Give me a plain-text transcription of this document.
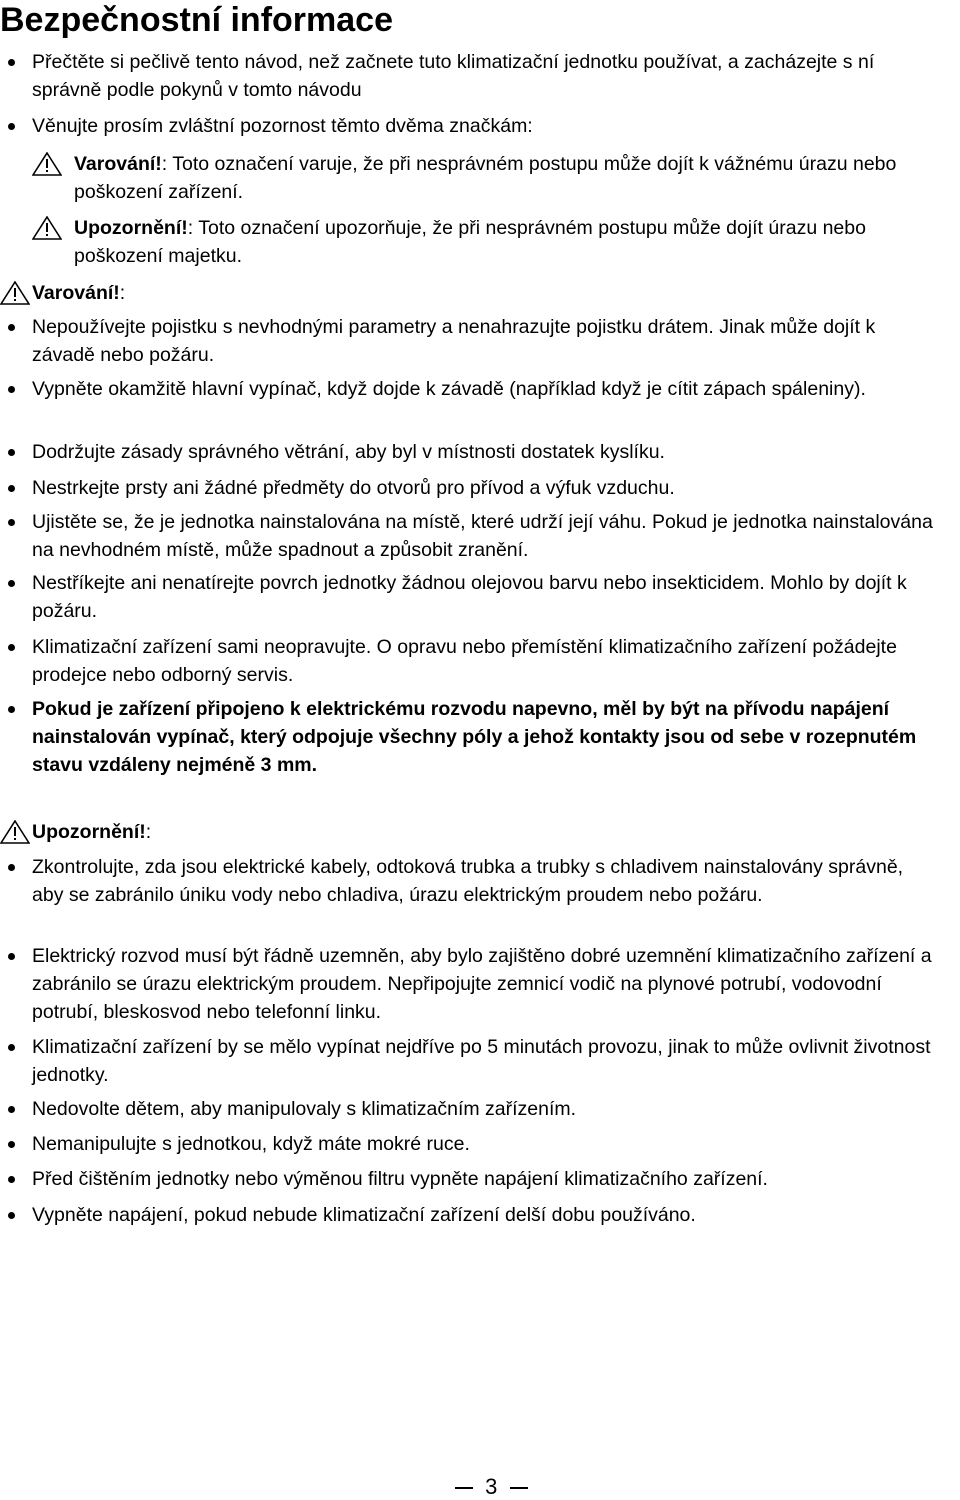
Bezpečnostní informace
Přečtěte si pečlivě tento návod, než začnete tuto klimatizační jednotku používat, a zacházejte s ní správně podle pokynů v tomto návodu
Věnujte prosím zvláštní pozornost těmto dvěma značkám:
Varování!: Toto označení varuje, že při nesprávném postupu může dojít k vážnému úrazu nebo poškození zařízení.
Upozornění!: Toto označení upozorňuje, že při nesprávném postupu může dojít úrazu nebo poškození majetku.
Varování!:
Nepoužívejte pojistku s nevhodnými parametry a nenahrazujte pojistku drátem. Jinak může dojít k závadě nebo požáru.
Vypněte okamžitě hlavní vypínač, když dojde k závadě (například když je cítit zápach spáleniny).
Dodržujte zásady správného větrání, aby byl v místnosti dostatek kyslíku.
Nestrkejte prsty ani žádné předměty do otvorů pro přívod a výfuk vzduchu.
Ujistěte se, že je jednotka nainstalována na místě, které udrží její váhu. Pokud je jednotka nainstalována na nevhodném místě, může spadnout a způsobit zranění.
Nestříkejte ani nenatírejte povrch jednotky žádnou olejovou barvu nebo insekticidem. Mohlo by dojít k požáru.
Klimatizační zařízení sami neopravujte. O opravu nebo přemístění klimatizačního zařízení požádejte prodejce nebo odborný servis.
Pokud je zařízení připojeno k elektrickému rozvodu napevno, měl by být na přívodu napájení nainstalován vypínač, který odpojuje všechny póly a jehož kontakty jsou od sebe v rozepnutém stavu vzdáleny nejméně 3 mm.
Upozornění!:
Zkontrolujte, zda jsou elektrické kabely, odtoková trubka a trubky s chladivem nainstalovány správně, aby se zabránilo úniku vody nebo chladiva, úrazu elektrickým proudem nebo požáru.
Elektrický rozvod musí být řádně uzemněn, aby bylo zajištěno dobré uzemnění klimatizačního zařízení a zabránilo se úrazu elektrickým proudem. Nepřipojujte zemnicí vodič na plynové potrubí, vodovodní potrubí, bleskosvod nebo telefonní linku.
Klimatizační zařízení by se mělo vypínat nejdříve po 5 minutách provozu, jinak to může ovlivnit životnost jednotky.
Nedovolte dětem, aby manipulovaly s klimatizačním zařízením.
Nemanipulujte s jednotkou, když máte mokré ruce.
Před čištěním jednotky nebo výměnou filtru vypněte napájení klimatizačního zařízení.
Vypněte napájení, pokud nebude klimatizační zařízení delší dobu používáno.
3
